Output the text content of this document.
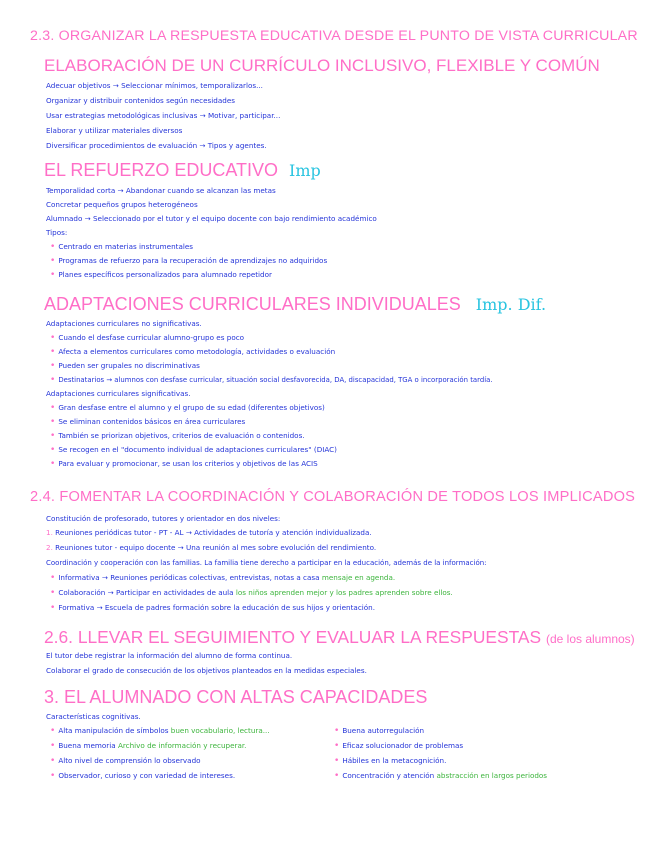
2.3. ORGANIZAR LA RESPUESTA EDUCATIVA DESDE EL PUNTO DE VISTA CURRICULAR
ELABORACIÓN DE UN CURRÍCULO INCLUSIVO, FLEXIBLE Y COMÚN
Adecuar objetivos → Seleccionar mínimos, temporalizarlos...
Organizar y distribuir contenidos según necesidades
Usar estrategias metodológicas inclusivas → Motivar, participar...
Elaborar y utilizar materiales diversos
Diversificar procedimientos de evaluación → Tipos y agentes.
EL REFUERZO EDUCATIVO Imp
Temporalidad corta → Abandonar cuando se alcanzan las metas
Concretar pequeños grupos heterogéneos
Alumnado → Seleccionado por el tutor y el equipo docente con bajo rendimiento académico
Tipos:
• Centrado en materias instrumentales
• Programas de refuerzo para la recuperación de aprendizajes no adquiridos
• Planes específicos personalizados para alumnado repetidor
ADAPTACIONES CURRICULARES INDIVIDUALES Imp. Dif.
Adaptaciones curriculares no significativas.
• Cuando el desfase curricular alumno-grupo es poco
• Afecta a elementos curriculares como metodología, actividades o evaluación
• Pueden ser grupales no discriminativas
• Destinatarios → alumnos con desfase curricular, situación social desfavorecida, DA, discapacidad, TGA o incorporación tardía.
Adaptaciones curriculares significativas.
• Gran desfase entre el alumno y el grupo de su edad (diferentes objetivos)
• Se eliminan contenidos básicos en área curriculares
• También se priorizan objetivos, criterios de evaluación o contenidos.
• Se recogen en el "documento individual de adaptaciones curriculares" (DIAC)
• Para evaluar y promocionar, se usan los criterios y objetivos de las ACIS
2.4. FOMENTAR LA COORDINACIÓN Y COLABORACIÓN DE TODOS LOS IMPLICADOS
Constitución de profesorado, tutores y orientador en dos niveles:
1. Reuniones periódicas tutor - PT - AL → Actividades de tutoría y atención individualizada.
2. Reuniones tutor - equipo docente → Una reunión al mes sobre evolución del rendimiento.
Coordinación y cooperación con las familias. La familia tiene derecho a participar en la educación, además de la información:
• Informativa → Reuniones periódicas colectivas, entrevistas, notas a casa mensaje en agenda.
• Colaboración → Participar en actividades de aula los niños aprenden mejor y los padres aprenden sobre ellos.
• Formativa → Escuela de padres formación sobre la educación de sus hijos y orientación.
2.6. LLEVAR EL SEGUIMIENTO Y EVALUAR LA RESPUESTAS (de los alumnos)
El tutor debe registrar la información del alumno de forma continua.
Colaborar el grado de consecución de los objetivos planteados en la medidas especiales.
3. EL ALUMNADO CON ALTAS CAPACIDADES
Características cognitivas.
• Alta manipulación de símbolos buen vocabulario, lectura...
• Buena memoria Archivo de información y recuperar.
• Alto nivel de comprensión lo observado
• Observador, curioso y con variedad de intereses.
• Buena autorregulación
• Eficaz solucionador de problemas
• Hábiles en la metacognición.
• Concentración y atención abstracción en largos periodos
